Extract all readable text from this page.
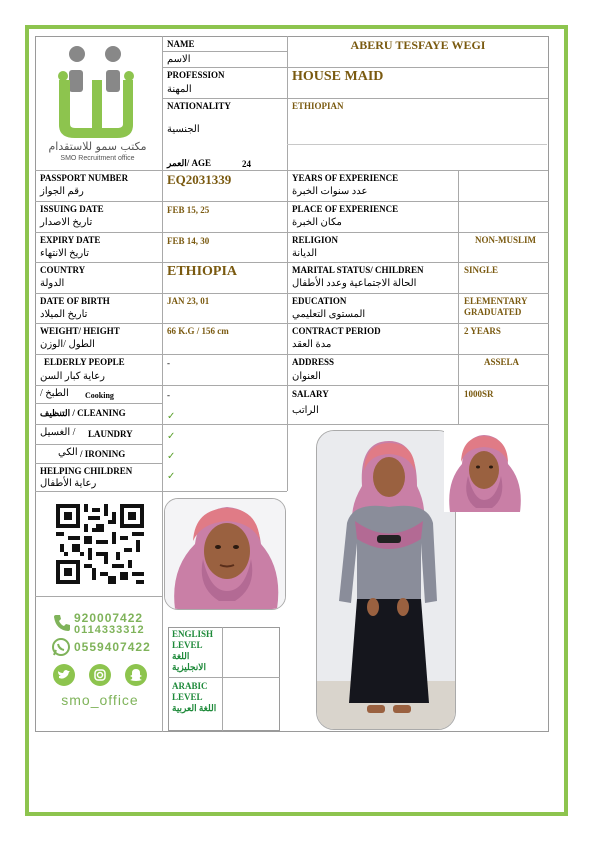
مكتب سمو للاستقدام
SMO Recruitment office
NAME
الاسم
ABERU TESFAYE WEGI
PROFESSION
المهنة
HOUSE MAID
NATIONALITY
الجنسية
ETHIOPIAN
العمر/ AGE	24
PASSPORT NUMBER
رقم الجواز
EQ2031339
ISSUING DATE
تاريخ الاصدار
FEB 15, 25
EXPIRY DATE
تاريخ الانتهاء
FEB 14, 30
COUNTRY
الدولة
ETHIOPIA
DATE OF BIRTH
تاريخ الميلاد
JAN 23, 01
WEIGHT/ HEIGHT
الطول /الوزن
66 K.G / 156 cm
ELDERLY PEOPLE
رعاية كبار السن
-
/ الطبخ Cooking	-
التنظيف / CLEANING	✓
الغسيل / LAUNDRY	✓
الكي / IRONING	✓
HELPING CHILDREN
رعاية الأطفال
✓
YEARS OF EXPERIENCE
عدد سنوات الخبرة
PLACE OF EXPERIENCE
مكان الخبرة
RELIGION
الديانة
NON-MUSLIM
MARITAL STATUS/ CHILDREN
الحالة الاجتماعية وعدد الأطفال
SINGLE
EDUCATION
المستوى التعليمي
ELEMENTARY
GRADUATED
CONTRACT PERIOD
مدة العقد
2 YEARS
ADDRESS
العنوان
ASSELA
SALARY
الراتب
1000SR
920007422
0114333312
0559407422
smo_office
ENGLISH
LEVEL
اللغة
الانجليزية
ARABIC
LEVEL
اللغة العربية
